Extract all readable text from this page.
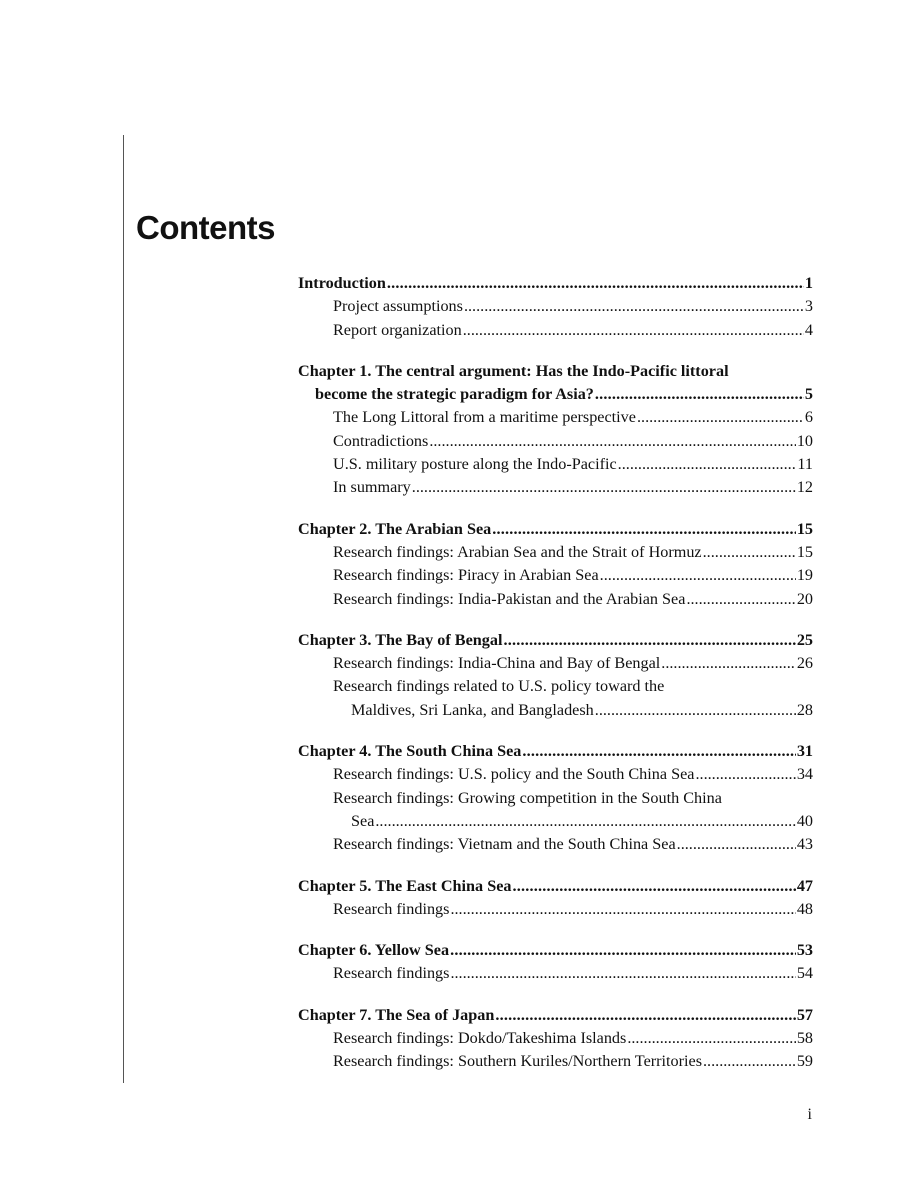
Contents
Introduction .....	1
Project assumptions .....	3
Report organization .....	4
Chapter 1. The central argument: Has the Indo-Pacific littoral
become the strategic paradigm for Asia? .....	5
The Long Littoral from a maritime perspective .....	6
Contradictions .....	10
U.S. military posture along the Indo-Pacific .....	11
In summary .....	12
Chapter 2. The Arabian Sea .....	15
Research findings: Arabian Sea and the Strait of Hormuz .....	15
Research findings: Piracy in Arabian Sea .....	19
Research findings: India-Pakistan and the Arabian Sea .....	20
Chapter 3. The Bay of Bengal .....	25
Research findings: India-China and Bay of Bengal .....	26
Research findings related to U.S. policy toward the
Maldives, Sri Lanka, and Bangladesh .....	28
Chapter 4. The South China Sea .....	31
Research findings: U.S. policy and the South China Sea .....	34
Research findings: Growing competition in the South China
Sea .....	40
Research findings: Vietnam and the South China Sea .....	43
Chapter 5. The East China Sea .....	47
Research findings .....	48
Chapter 6. Yellow Sea .....	53
Research findings .....	54
Chapter 7. The Sea of Japan .....	57
Research findings: Dokdo/Takeshima Islands .....	58
Research findings: Southern Kuriles/Northern Territories .....	59
i
